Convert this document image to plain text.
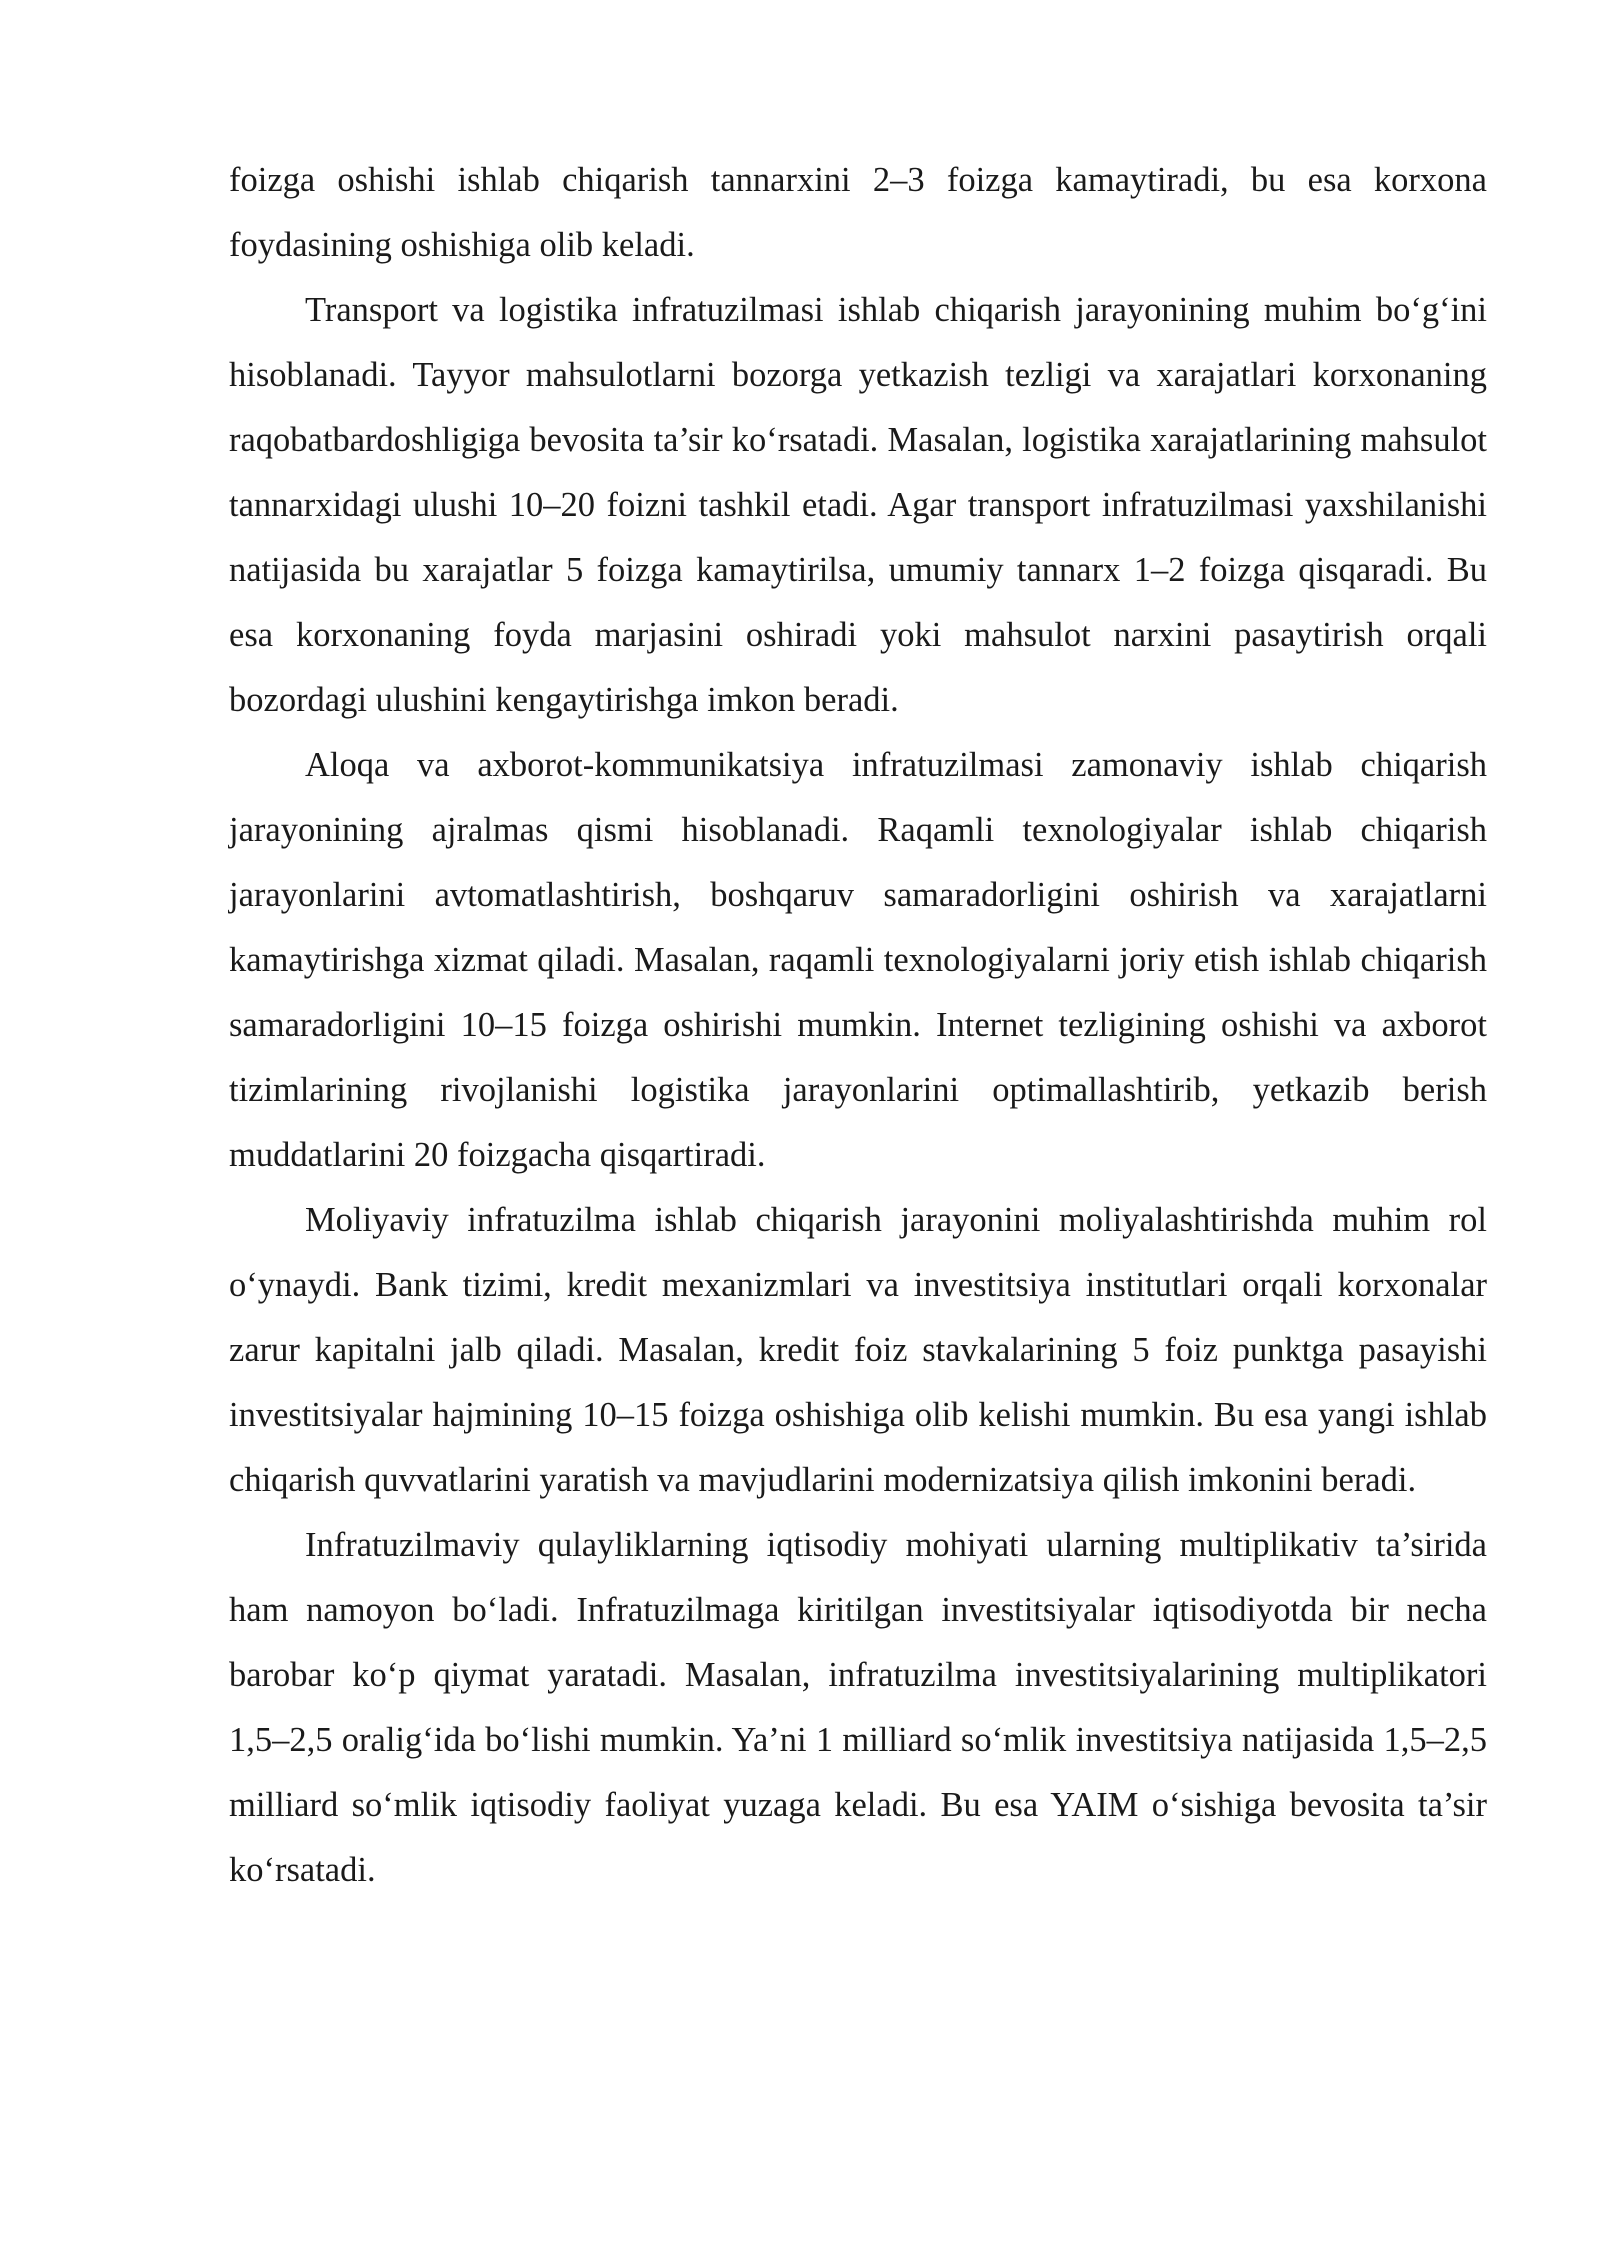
foizga oshishi ishlab chiqarish tannarxini 2–3 foizga kamaytiradi, bu esa korxona foydasining oshishiga olib keladi.

Transport va logistika infratuzilmasi ishlab chiqarish jarayonining muhim bo‘g‘ini hisoblanadi. Tayyor mahsulotlarni bozorga yetkazish tezligi va xarajatlari korxonaning raqobatbardoshligiga bevosita ta’sir ko‘rsatadi. Masalan, logistika xarajatlarining mahsulot tannarxidagi ulushi 10–20 foizni tashkil etadi. Agar transport infratuzilmasi yaxshilanishi natijasida bu xarajatlar 5 foizga kamaytirilsa, umumiy tannarx 1–2 foizga qisqaradi. Bu esa korxonaning foyda marjasini oshiradi yoki mahsulot narxini pasaytirish orqali bozordagi ulushini kengaytirishga imkon beradi.

Aloqa va axborot-kommunikatsiya infratuzilmasi zamonaviy ishlab chiqarish jarayonining ajralmas qismi hisoblanadi. Raqamli texnologiyalar ishlab chiqarish jarayonlarini avtomatlashtirish, boshqaruv samaradorligini oshirish va xarajatlarni kamaytirishga xizmat qiladi. Masalan, raqamli texnologiyalarni joriy etish ishlab chiqarish samaradorligini 10–15 foizga oshirishi mumkin. Internet tezligining oshishi va axborot tizimlarining rivojlanishi logistika jarayonlarini optimallashtirib, yetkazib berish muddatlarini 20 foizgacha qisqartiradi.

Moliyaviy infratuzilma ishlab chiqarish jarayonini moliyalashtirishda muhim rol o‘ynaydi. Bank tizimi, kredit mexanizmlari va investitsiya institutlari orqali korxonalar zarur kapitalni jalb qiladi. Masalan, kredit foiz stavkalarining 5 foiz punktga pasayishi investitsiyalar hajmining 10–15 foizga oshishiga olib kelishi mumkin. Bu esa yangi ishlab chiqarish quvvatlarini yaratish va mavjudlarini modernizatsiya qilish imkonini beradi.

Infratuzilmaviy qulayliklarning iqtisodiy mohiyati ularning multiplikativ ta’sirida ham namoyon bo‘ladi. Infratuzilmaga kiritilgan investitsiyalar iqtisodiyotda bir necha barobar ko‘p qiymat yaratadi. Masalan, infratuzilma investitsiyalarining multiplikatori 1,5–2,5 oralig‘ida bo‘lishi mumkin. Ya’ni 1 milliard so‘mlik investitsiya natijasida 1,5–2,5 milliard so‘mlik iqtisodiy faoliyat yuzaga keladi. Bu esa YAIM o‘sishiga bevosita ta’sir ko‘rsatadi.
